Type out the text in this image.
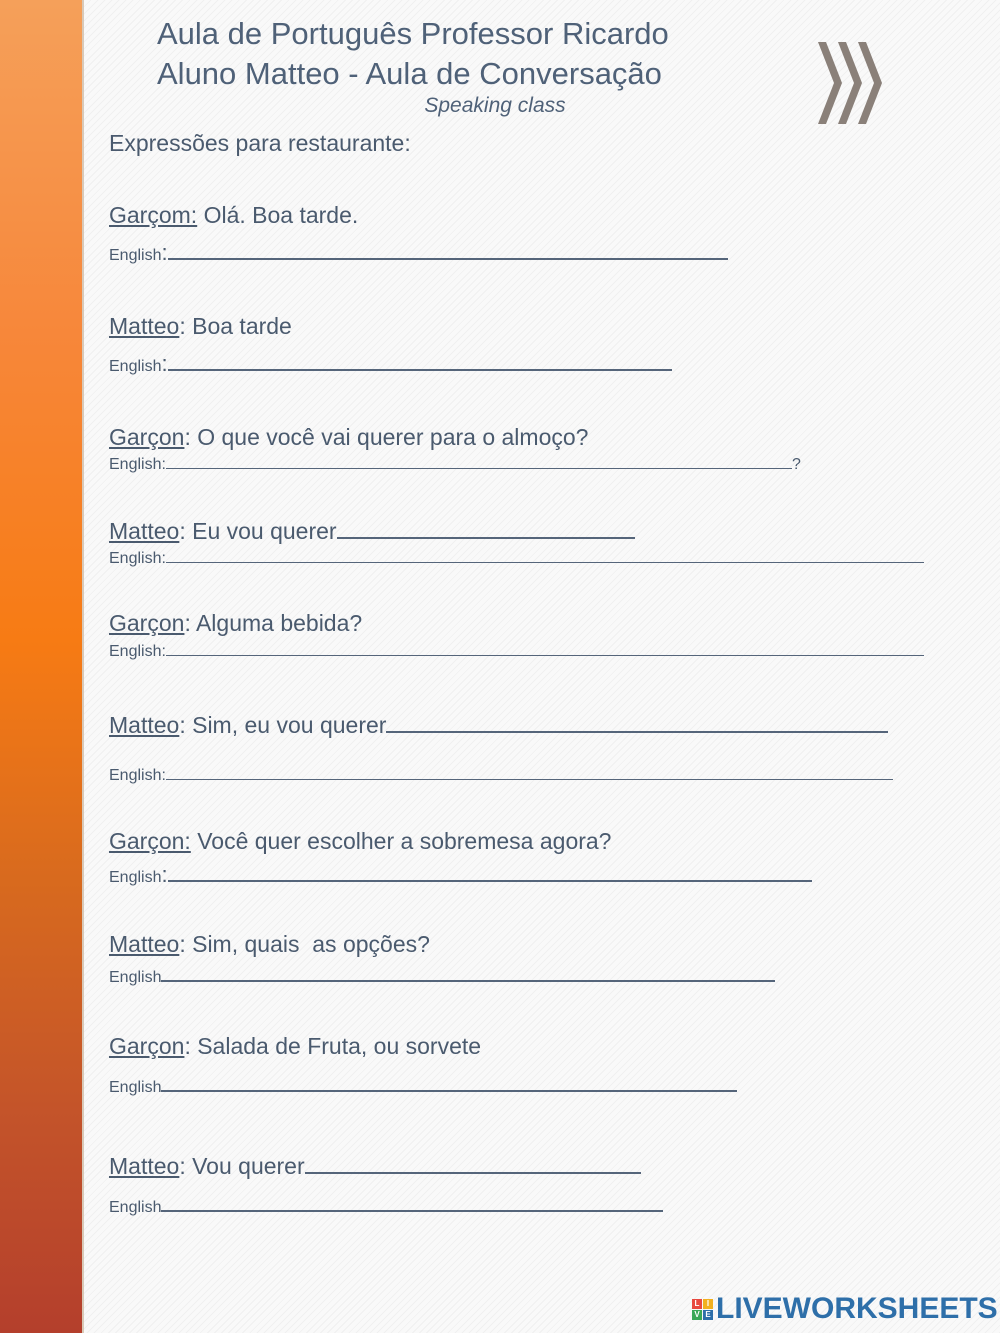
Aula de Português Professor Ricardo
Aluno Matteo - Aula de Conversação
Speaking class
Expressões para restaurante:
Garçom: Olá. Boa tarde.
English:
Matteo: Boa tarde
English:
Garçon: O que você vai querer para o almoço?
English:	?
Matteo: Eu vou querer
English:
Garçon: Alguma bebida?
English:
Matteo: Sim, eu vou querer
English:
Garçon: Você quer escolher a sobremesa agora?
English:
Matteo: Sim, quais  as opções?
English
Garçon: Salada de Fruta, ou sorvete
English
Matteo: Vou querer
English
L I
V E LIVEWORKSHEETS
